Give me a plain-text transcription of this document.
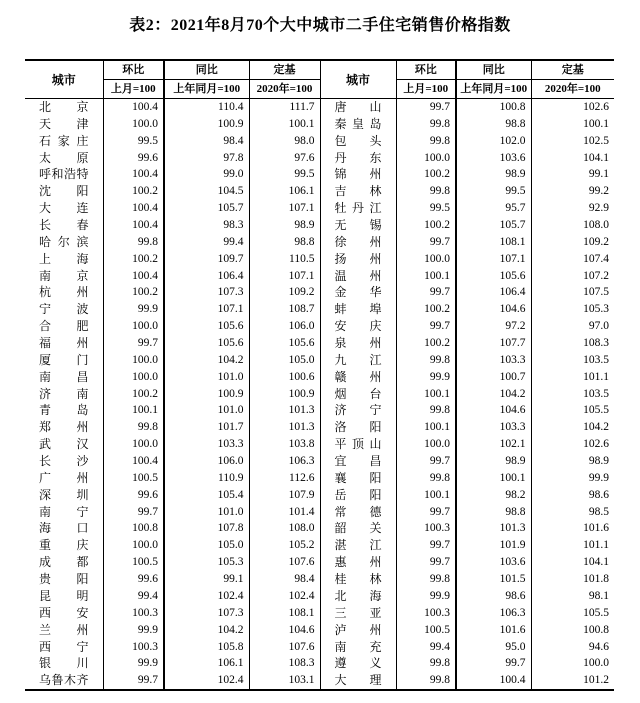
表2：2021年8月70个大中城市二手住宅销售价格指数
城市	环比	同比	定基	城市	环比	同比	定基
	上月=100	上年同月=100	2020年=100		上月=100	上年同月=100	2020年=100
北京	100.4	110.4	111.7	唐山	99.7	100.8	102.6
天津	100.0	100.9	100.1	秦皇岛	99.8	98.8	100.1
石家庄	99.5	98.4	98.0	包头	99.8	102.0	102.5
太原	99.6	97.8	97.6	丹东	100.0	103.6	104.1
呼和浩特	100.4	99.0	99.5	锦州	100.2	98.9	99.1
沈阳	100.2	104.5	106.1	吉林	99.8	99.5	99.2
大连	100.4	105.7	107.1	牡丹江	99.5	95.7	92.9
长春	100.4	98.3	98.9	无锡	100.2	105.7	108.0
哈尔滨	99.8	99.4	98.8	徐州	99.7	108.1	109.2
上海	100.2	109.7	110.5	扬州	100.0	107.1	107.4
南京	100.4	106.4	107.1	温州	100.1	105.6	107.2
杭州	100.2	107.3	109.2	金华	99.7	106.4	107.5
宁波	99.9	107.1	108.7	蚌埠	100.2	104.6	105.3
合肥	100.0	105.6	106.0	安庆	99.7	97.2	97.0
福州	99.7	105.6	105.6	泉州	100.2	107.7	108.3
厦门	100.0	104.2	105.0	九江	99.8	103.3	103.5
南昌	100.0	101.0	100.6	赣州	99.9	100.7	101.1
济南	100.2	100.9	100.9	烟台	100.1	104.2	103.5
青岛	100.1	101.0	101.3	济宁	99.8	104.6	105.5
郑州	99.8	101.7	101.3	洛阳	100.1	103.3	104.2
武汉	100.0	103.3	103.8	平顶山	100.0	102.1	102.6
长沙	100.4	106.0	106.3	宜昌	99.7	98.9	98.9
广州	100.5	110.9	112.6	襄阳	99.8	100.1	99.9
深圳	99.6	105.4	107.9	岳阳	100.1	98.2	98.6
南宁	99.7	101.0	101.4	常德	99.7	98.8	98.5
海口	100.8	107.8	108.0	韶关	100.3	101.3	101.6
重庆	100.0	105.0	105.2	湛江	99.7	101.9	101.1
成都	100.5	105.3	107.6	惠州	99.7	103.6	104.1
贵阳	99.6	99.1	98.4	桂林	99.8	101.5	101.8
昆明	99.4	102.4	102.4	北海	99.9	98.6	98.1
西安	100.3	107.3	108.1	三亚	100.3	106.3	105.5
兰州	99.9	104.2	104.6	泸州	100.5	101.6	100.8
西宁	100.3	105.8	107.6	南充	99.4	95.0	94.6
银川	99.9	106.1	108.3	遵义	99.8	99.7	100.0
乌鲁木齐	99.7	102.4	103.1	大理	99.8	100.4	101.2
